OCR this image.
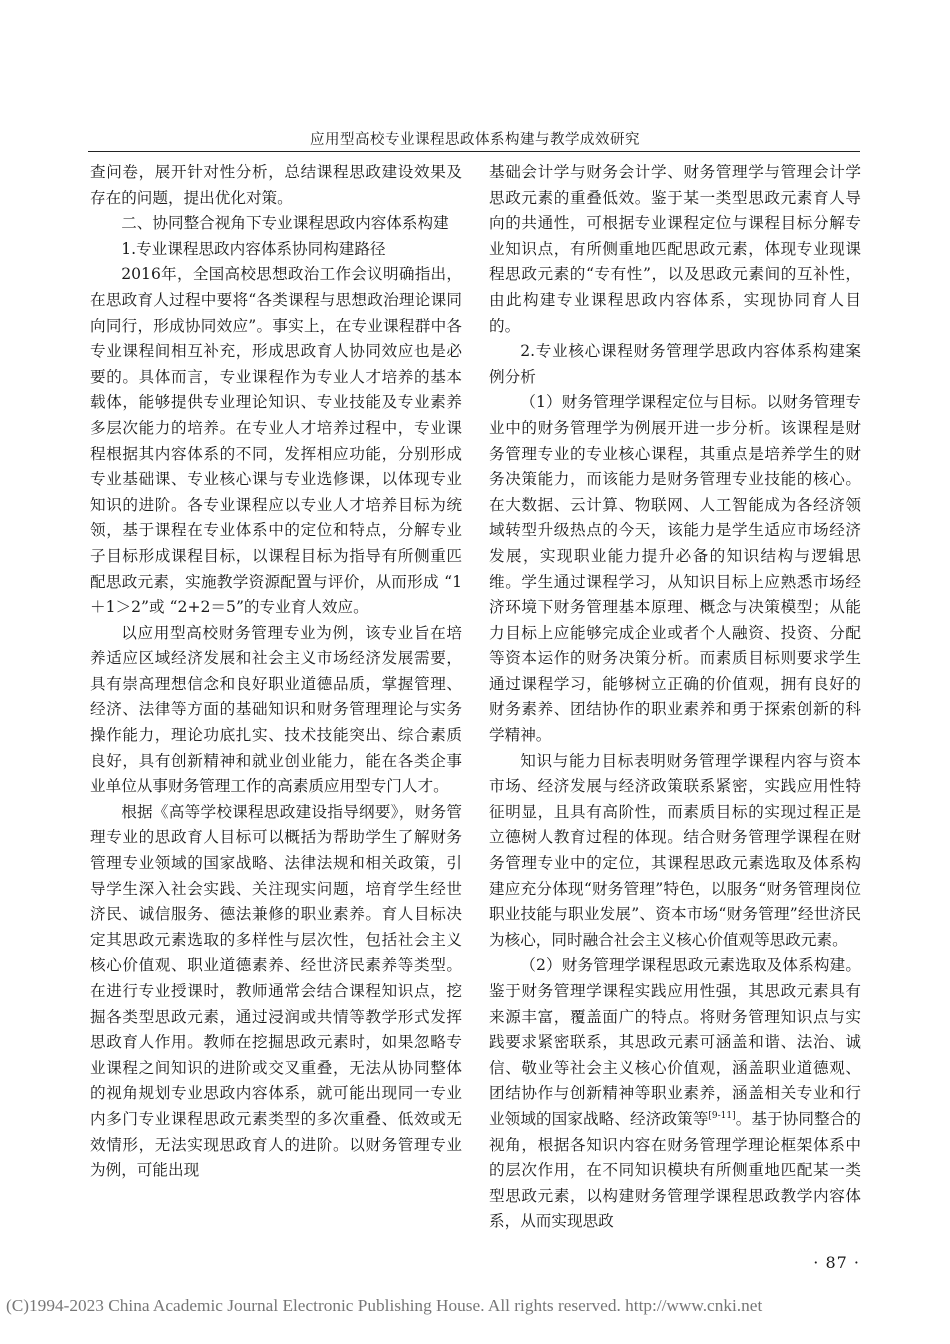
应用型高校专业课程思政体系构建与教学成效研究

查问卷，展开针对性分析，总结课程思政建设效果及存在的问题，提出优化对策。

二、协同整合视角下专业课程思政内容体系构建

1.专业课程思政内容体系协同构建路径

2016年，全国高校思想政治工作会议明确指出，在思政育人过程中要将“各类课程与思想政治理论课同向同行，形成协同效应”。事实上，在专业课程群中各专业课程间相互补充，形成思政育人协同效应也是必要的。具体而言，专业课程作为专业人才培养的基本载体，能够提供专业理论知识、专业技能及专业素养多层次能力的培养。在专业人才培养过程中，专业课程根据其内容体系的不同，发挥相应功能，分别形成专业基础课、专业核心课与专业选修课，以体现专业知识的进阶。各专业课程应以专业人才培养目标为统领，基于课程在专业体系中的定位和特点，分解专业子目标形成课程目标，以课程目标为指导有所侧重匹配思政元素，实施教学资源配置与评价，从而形成 “1＋1＞2”或 “2+2＝5”的专业育人效应。

以应用型高校财务管理专业为例，该专业旨在培养适应区域经济发展和社会主义市场经济发展需要，具有崇高理想信念和良好职业道德品质，掌握管理、经济、法律等方面的基础知识和财务管理理论与实务操作能力，理论功底扎实、技术技能突出、综合素质良好，具有创新精神和就业创业能力，能在各类企事业单位从事财务管理工作的高素质应用型专门人才。

根据《高等学校课程思政建设指导纲要》，财务管理专业的思政育人目标可以概括为帮助学生了解财务管理专业领域的国家战略、法律法规和相关政策，引导学生深入社会实践、关注现实问题，培育学生经世济民、诚信服务、德法兼修的职业素养。育人目标决定其思政元素选取的多样性与层次性，包括社会主义核心价值观、职业道德素养、经世济民素养等类型。在进行专业授课时，教师通常会结合课程知识点，挖掘各类型思政元素，通过浸润或共情等教学形式发挥思政育人作用。教师在挖掘思政元素时，如果忽略专业课程之间知识的进阶或交叉重叠，无法从协同整体的视角规划专业思政内容体系，就可能出现同一专业内多门专业课程思政元素类型的多次重叠、低效或无效情形，无法实现思政育人的进阶。以财务管理专业为例，可能出现

基础会计学与财务会计学、财务管理学与管理会计学思政元素的重叠低效。鉴于某一类型思政元素育人导向的共通性，可根据专业课程定位与课程目标分解专业知识点，有所侧重地匹配思政元素，体现专业现课程思政元素的“专有性”，以及思政元素间的互补性，由此构建专业课程思政内容体系，实现协同育人目的。

2.专业核心课程财务管理学思政内容体系构建案例分析

（1）财务管理学课程定位与目标。以财务管理专业中的财务管理学为例展开进一步分析。该课程是财务管理专业的专业核心课程，其重点是培养学生的财务决策能力，而该能力是财务管理专业技能的核心。在大数据、云计算、物联网、人工智能成为各经济领域转型升级热点的今天，该能力是学生适应市场经济发展，实现职业能力提升必备的知识结构与逻辑思维。学生通过课程学习，从知识目标上应熟悉市场经济环境下财务管理基本原理、概念与决策模型；从能力目标上应能够完成企业或者个人融资、投资、分配等资本运作的财务决策分析。而素质目标则要求学生通过课程学习，能够树立正确的价值观，拥有良好的财务素养、团结协作的职业素养和勇于探索创新的科学精神。

知识与能力目标表明财务管理学课程内容与资本市场、经济发展与经济政策联系紧密，实践应用性特征明显，且具有高阶性，而素质目标的实现过程正是立德树人教育过程的体现。结合财务管理学课程在财务管理专业中的定位，其课程思政元素选取及体系构建应充分体现“财务管理”特色，以服务“财务管理岗位职业技能与职业发展”、资本市场“财务管理”经世济民为核心，同时融合社会主义核心价值观等思政元素。

（2）财务管理学课程思政元素选取及体系构建。鉴于财务管理学课程实践应用性强，其思政元素具有来源丰富，覆盖面广的特点。将财务管理知识点与实践要求紧密联系，其思政元素可涵盖和谐、法治、诚信、敬业等社会主义核心价值观，涵盖职业道德观、团结协作与创新精神等职业素养，涵盖相关专业和行业领域的国家战略、经济政策等[9-11]。基于协同整合的视角，根据各知识内容在财务管理学理论框架体系中的层次作用，在不同知识模块有所侧重地匹配某一类型思政元素，以构建财务管理学课程思政教学内容体系，从而实现思政

· 87 ·
(C)1994-2023 China Academic Journal Electronic Publishing House. All rights reserved. http://www.cnki.net
